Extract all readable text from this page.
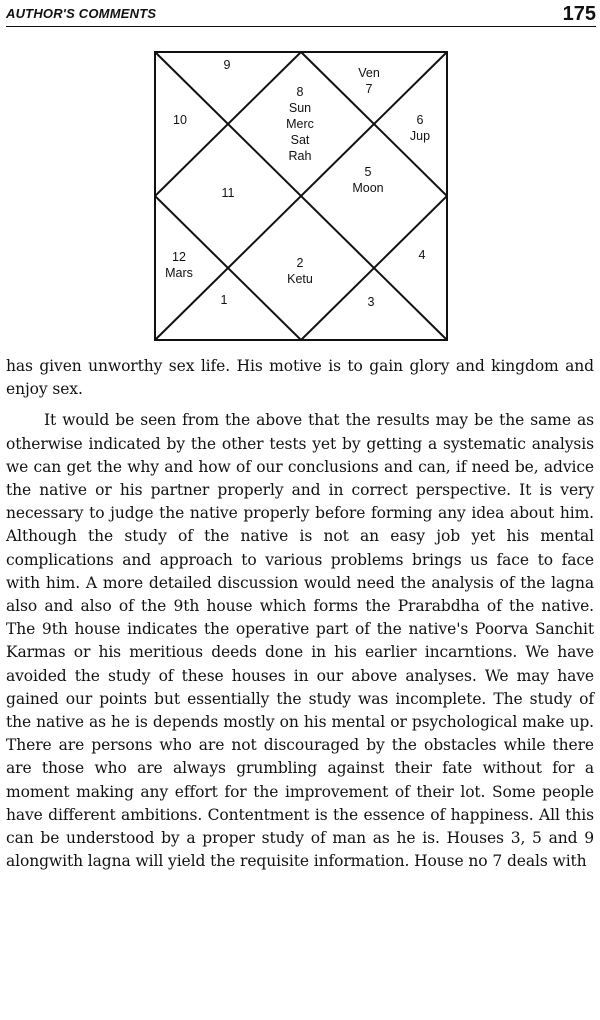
AUTHOR'S COMMENTS	175
9
8
Sun
Merc
Sat
Rah
Ven
7
10	6
Jup
11
5
Moon
12
Mars
2
Ketu
4
1	3

has given unworthy sex life. His motive is to gain glory and kingdom and enjoy sex.

It would be seen from the above that the results may be the same as otherwise indicated by the other tests yet by getting a systematic analysis we can get the why and how of our conclusions and can, if need be, advice the native or his partner properly and in correct perspective. It is very necessary to judge the native properly before forming any idea about him. Although the study of the native is not an easy job yet his mental complications and approach to various problems brings us face to face with him. A more detailed discussion would need the analysis of the lagna also and also of the 9th house which forms the Prarabdha of the native. The 9th house indicates the operative part of the native's Poorva Sanchit Karmas or his meritious deeds done in his earlier incarntions. We have avoided the study of these houses in our above analyses. We may have gained our points but essentially the study was incomplete. The study of the native as he is depends mostly on his mental or psychological make up. There are persons who are not discouraged by the obstacles while there are those who are always grumbling against their fate without for a moment making any effort for the improvement of their lot. Some people have different ambitions. Contentment is the essence of happiness. All this can be understood by a proper study of man as he is. Houses 3, 5 and 9 alongwith lagna will yield the requisite information. House no 7 deals with
